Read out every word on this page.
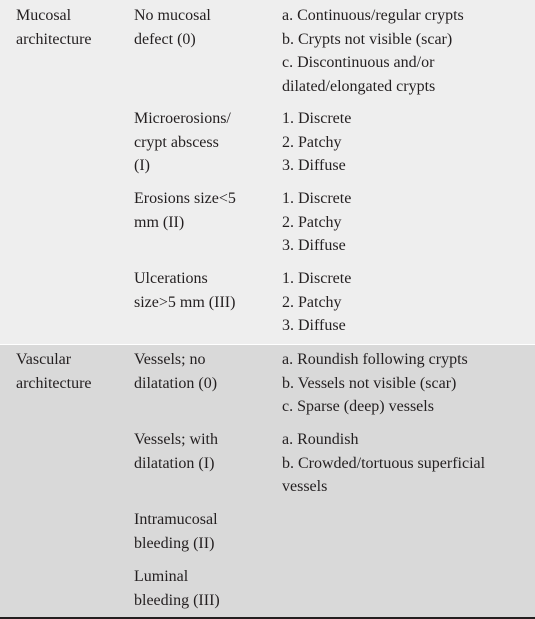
Mucosal
architecture
No mucosal
defect (0)
a. Continuous/regular crypts
b. Crypts not visible (scar)
c. Discontinuous and/or
dilated/elongated crypts
Microerosions/
crypt abscess
(I)
1. Discrete
2. Patchy
3. Diffuse
Erosions size<5
mm (II)
1. Discrete
2. Patchy
3. Diffuse
Ulcerations
size>5 mm (III)
1. Discrete
2. Patchy
3. Diffuse
Vascular
architecture
Vessels; no
dilatation (0)
a. Roundish following crypts
b. Vessels not visible (scar)
c. Sparse (deep) vessels
Vessels; with
dilatation (I)
a. Roundish
b. Crowded/tortuous superficial
vessels
Intramucosal
bleeding (II)
Luminal
bleeding (III)
